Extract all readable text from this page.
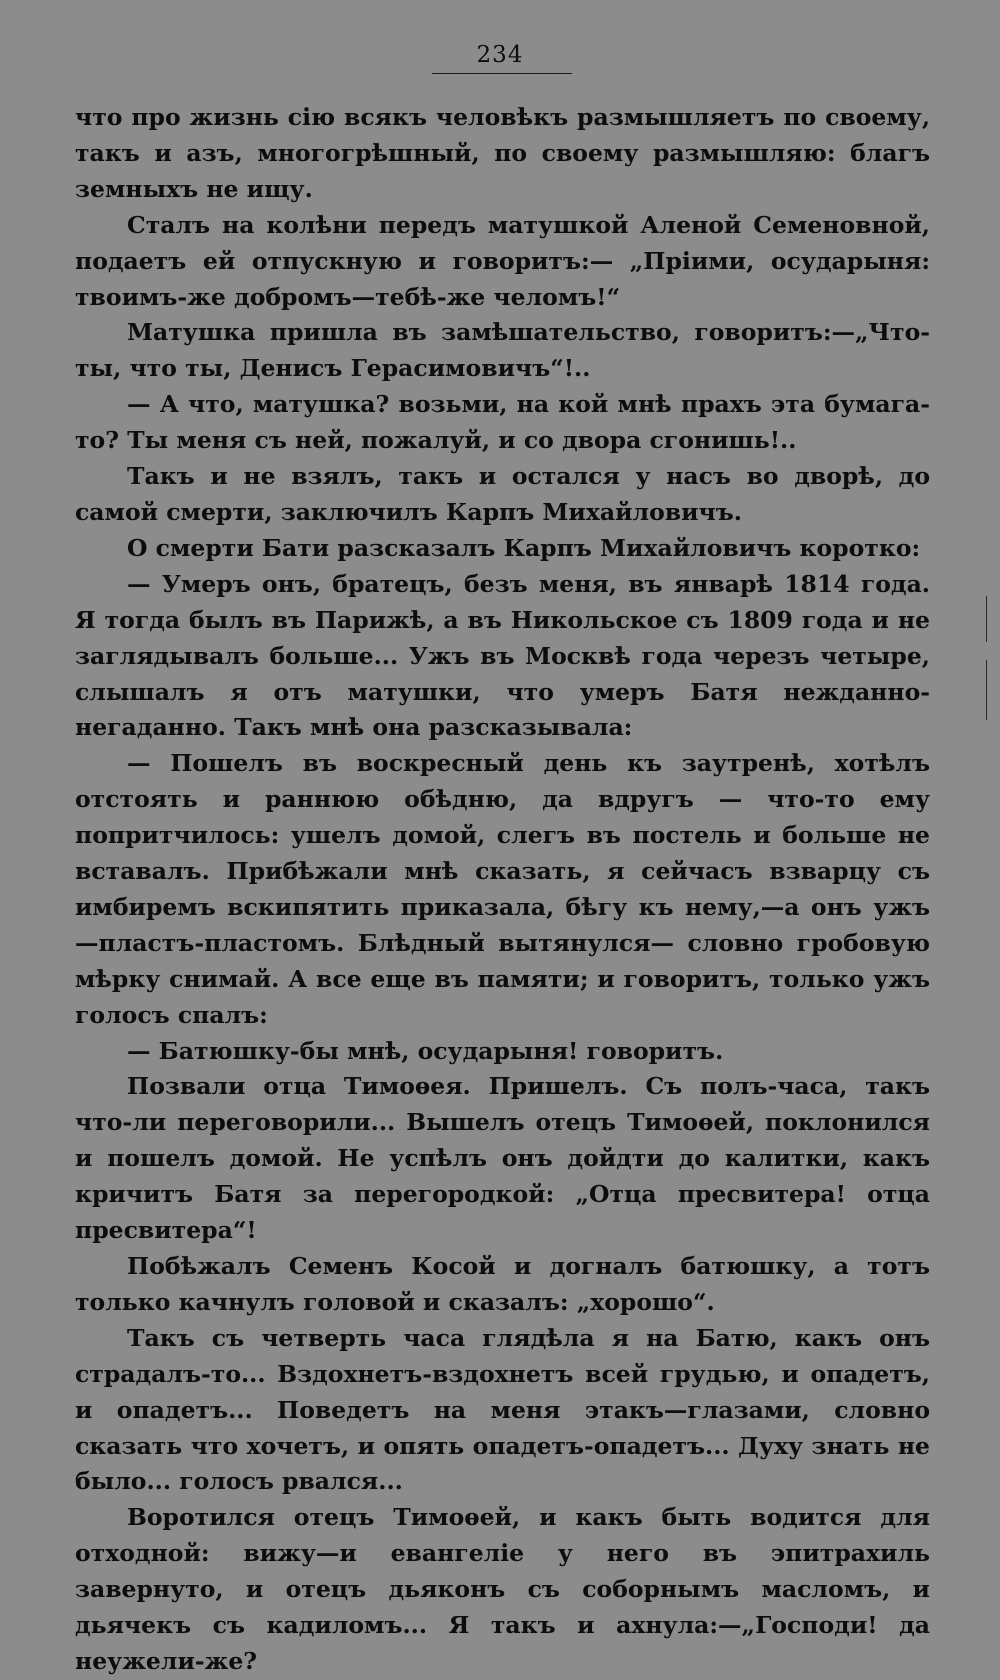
234

что про жизнь сію всякъ человѣкъ размышляетъ по своему, такъ и азъ, многогрѣшный, по своему размышляю: благъ земныхъ не ищу.

Сталъ на колѣни передъ матушкой Аленой Семеновной, подаетъ ей отпускную и говоритъ:— „Пріими, осударыня: твоимъ-же добромъ—тебѣ-же челомъ!“

Матушка пришла въ замѣшательство, говоритъ:—„Что-ты, что ты, Денисъ Герасимовичъ“!..

— А что, матушка? возьми, на кой мнѣ прахъ эта бумага-то? Ты меня съ ней, пожалуй, и со двора сгонишь!..

Такъ и не взялъ, такъ и остался у насъ во дворѣ, до самой смерти, заключилъ Карпъ Михайловичъ.

О смерти Бати разсказалъ Карпъ Михайловичъ коротко:

— Умеръ онъ, братецъ, безъ меня, въ январѣ 1814 года. Я тогда былъ въ Парижѣ, а въ Никольское съ 1809 года и не заглядывалъ больше... Ужъ въ Москвѣ года черезъ четыре, слышалъ я отъ матушки, что умеръ Батя нежданно-негаданно. Такъ мнѣ она разсказывала:

— Пошелъ въ воскресный день къ заутренѣ, хотѣлъ отстоять и раннюю обѣдню, да вдругъ — что-то ему попритчилось: ушелъ домой, слегъ въ постель и больше не вставалъ. Прибѣжали мнѣ сказать, я сейчасъ взварцу съ имбиремъ вскипятить приказала, бѣгу къ нему,—а онъ ужъ—пластъ-пластомъ. Блѣдный вытянулся— словно гробовую мѣрку снимай. А все еще въ памяти; и говоритъ, только ужъ голосъ спалъ:

— Батюшку-бы мнѣ, осударыня! говоритъ.

Позвали отца Тимоѳея. Пришелъ. Съ полъ-часа, такъ что-ли переговорили... Вышелъ отецъ Тимоѳей, поклонился и пошелъ домой. Не успѣлъ онъ дойдти до калитки, какъ кричитъ Батя за перегородкой: „Отца пресвитера! отца пресвитера“!

Побѣжалъ Семенъ Косой и догналъ батюшку, а тотъ только качнулъ головой и сказалъ: „хорошо“.

Такъ съ четверть часа глядѣла я на Батю, какъ онъ страдалъ-то... Вздохнетъ-вздохнетъ всей грудью, и опадетъ, и опадетъ... Поведетъ на меня этакъ—глазами, словно сказать что хочетъ, и опять опадетъ-опадетъ... Духу знать не было... голосъ рвался...

Воротился отецъ Тимоѳей, и какъ быть водится для отходной: вижу—и евангеліе у него въ эпитрахиль завернуто, и отецъ дьяконъ съ соборнымъ масломъ, и дьячекъ съ кадиломъ... Я такъ и ахнула:—„Господи! да неужели-же?
